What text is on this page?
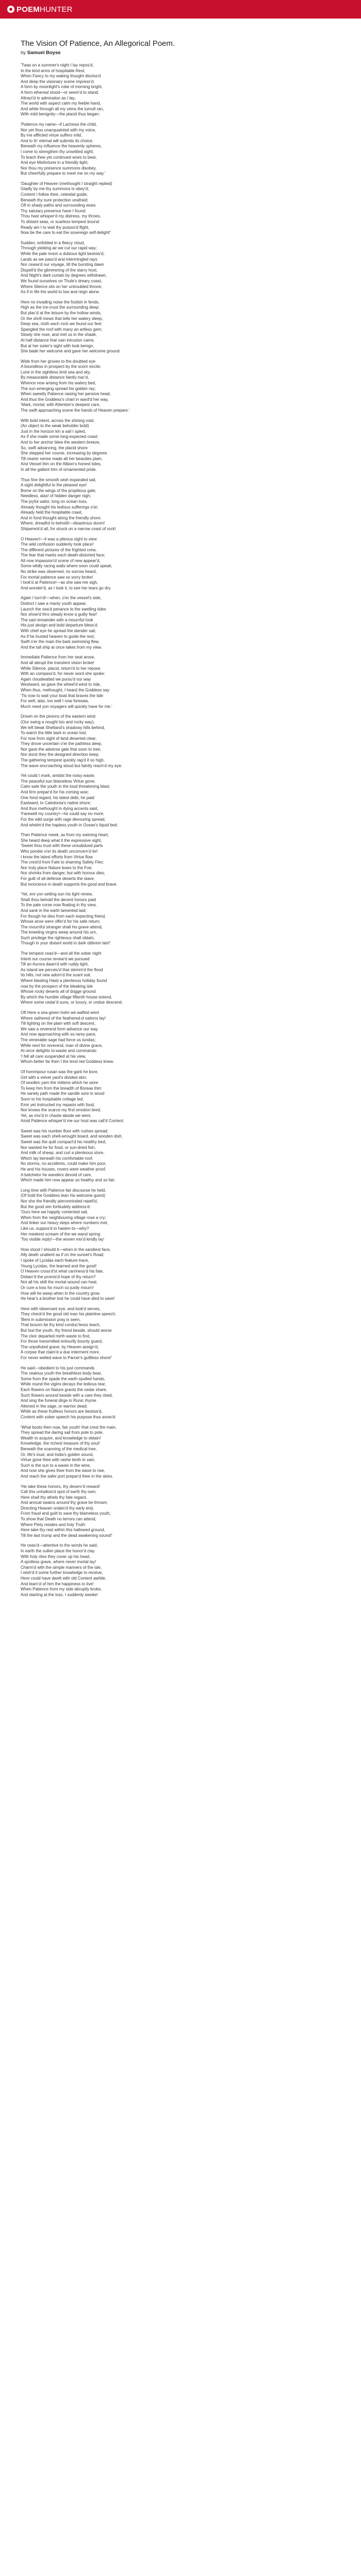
POEMHUNTER
The Vision Of Patience, An Allegorical Poem.

by Samuel Boyse

'Twas on a summer's night I lay repos'd,
In the kind arms of hospitable Rest,
When Fancy to my waking thought disclos'd
And deep the visionary scene impress'd.
A form by moonlight's robe of morning bright,
A form ethereal stood—or seem'd to stand;
Attract'd in admiration as I lay,
The world with aspect calm my feeble hand,
And while through all my veins the tumult ran,
With mild benignity—the placid thus began:
'Patience my name—if Lachesis the child,
Nor yet thou unacquainted with my voice,
By me afflicted virtue suffers mild,
And to th' eternal will submits its choice.
Beneath my influence the heavenly spheres,
I come to strengthen thy unsettled sight;
To teach thee yet continued woes to bear,
And eye Misfortune in a friendly light;
Nor thou my presence summons disobey,
But cheerfully prepare to meet me on my way.'
'Daughter of Heaven (methought I straight replied)
Gladly by me thy summons is obey'd;
Content I follow thee, celestial guide,
Beneath thy sure protection unafraid;
Oft in shady paths and surrounding woes
Thy salutary presence have I found;
Thou hast whisper'd my distress, my throes,
To distant seas, or scarless tempest bound:
Ready am I to wait thy purpos'd flight,
Now be the care to eat the sovereign self-delight!'
Sudden, enfolded in a fleecy cloud,
Through yielding air we cut our rapid way;
While the pale moon a dubious light bestow'd,
Lands as we pass'd and intermingled rays
Nor cease'd our voyage, till the bursting dawn
Dispell'd the glimmering of the starry host;
And Night's dark curtain by degrees withdrawn,
We found ourselves on Thule's dreary coast,
Where Silence sits on her untroubled throne,
As if in life the world to low and reign alone.
Here no invading noise the foolish in fends,
High as the ice-crust the surrounding deep:
But plac'd at the leisure by the hollow winds,
Or the shrill mews that tells her watery sleep;
Deep sea, cloth each rock we found our feet
Spangled the roof with many an artless gem;
Slowly she rose, and met us in the shade,
At half distance that vain intrusion came,
But at her sister's sight with look benign,
She bade her welcome and gave her welcome ground.
Wide from her groves to the doubted eye
A boundless in prospect by the scorn excite;
Lone in the sightless limit sea and sky,
By measurable distance faintly trac'd,
Whence now arising from his watery bed,
The sun emerging spread his golden ray;
When sweetly Patience raising her pensive head,
And thus the Goddess's chart in ward'd her way,
'Mark, mortal, with Attention's deepest care,
The swift approaching scene the hands of Heaven prepare.'
With bold intent, across the shining void,
(An object to the weak beholder bold)
Just in the horizon kin a sail I spied,
As if she made some long-expected coast:
And to her anchor blew the western breeze,
So, swift advancing, the placid shore
She stepped her course, increasing by degrees
Till nearer sense made all her beauties plain,
And Vessel thin on the Albion's honest tides,
In all the gallant trim of ornamented pride.
Thus fine the smooth wish expanded sail,
A sight delightful to the pleased eye!
Bome on the wings of the propitious gale,
Needless, alas! of hidden danger nigh;
The joyful sailor, long on ocean toss,
Already thought his tedious sufferings o'er;
Already held the hospitable coast,
And in fond thought along the friendly shore.
Where, dreadful to behold!—disastrous doom!
Shipwreck'd all, for struck on a narrow coast of rock!
O Heaven!—it was a piteous sight to view
The wild confusion suddenly took place!
The different pictures of the frighted crew,
The fear that marks each death-distorted face;
All now impassion'd scene of new appear'd,
Some wildly racing wails where soon could speak;
No strike was observed, no sorrow heard,
For mortal patience saw so sorry broke!
I look'd at Patience!—as she saw me sigh,
And wonder'd, as I took it, to see her tears go dry.
Again I turn'd!—when, o'er the vessel's side,
Distinct I saw a manly youth appear,
Launch the sea'd penance to the swelling tides
Nor show'd thro steady know a guilty fear!
The sad remainder with a mournful look
His just design and bold departure bless'd.
With chief eye he spread the slender sail,
As if he trusted heaven to guide the rest;
Swift o'er the main the bark swimming flew,
And the tall ship at once takes from my view.
Immediate Patience from her seat arose,
And all abrupt the transient vision broke!
While Silence, placid, return'd to her repose.
With an compass'd, for never word she spoke:
Again cloudwatted we pursu'd our way
Westward, as gave the wheel'd wind to ride,
When thus, methought, I heard the Goddess say
'Tis now to wait your boat that braves the tide
For well, alas, too well I now foresaw,
Much need yon voyagers will quickly have for me.'
Driven on the pinions of the eastern wind
(Our swing a nought too and rocky way),
We left bleak Shetland's shadowy hills behind,
To watch the little bark in ocean lost:
For now from sight of land deserted clear,
They drove uncertain o'er the pathless deep,
Nor gave the adverse gale that soon to tree;
Nor durst they the designed direction keep;
The gathering tempest quickly rag'd it so high,
The wave encroaching stood but faintly reach'd my eye.
Yet could I mark, amidst the noisy waste,
The peaceful sun blameless Virtue gone;
Calm sate the youth in the loud threatening blast,
And firm prepar'd for his coming woe;
One fond regard, his latest debt, he paid
Eastward, to Caledonia's native shore;
And thus methought in dying accents said,
'Farewell my country!—he could say no more;
For the wild surge with rage devouring spread,
And whelm'd the hapless youth in Ocean's liquid bed.
Then Patience meek, as from my swiming heart,
She heard deep what it the expressive sight,
'Sweet thou trust with these unsubdued parts
Who ponder o'er its death unconcern'd lie!
I know the latest efforts from Virtue flow
The crest'd from Fate to shaming Safety Flex:
Nor truly place Nature bows to the Foe;
Nor shrinks from danger, but with honour dies;
For guilt of all defense deserts the stave,
But innocence in death supports the good and brave.
'Yet, ere yon setting sun his light renew,
Shalt thou behold the decent honors paid
To the pale corse now floating in thy view,
And sank in the earth lamented laid;
For though he dies from each expecting friend,
Whose anxe were offer'd for his safe return;
The mournful stranger shall his grave attend,
The kneeling virgins weep around his urn,
Such privilege the righteous shall obtain,
Though in your distant world in dark oblivion lain!'
The tempest ceas'd—and all the sober night
Intent our course renew'd we pursued
Till an Aurora dawn'd with ruddy light,
As island we perceiv'd that stemm'd the flood
Its hills, not new adorn'd the scant soil,
Where blasting Hasti a plenteous holiday found
now by the prospect of the bleaking isle
Whose rocky deserts all of dogge ground
By which the humble village fiftenth house extend,
Where some cedar'd suns, or luxury, or undue descend.
Oft Here a sea-green holm we wafted went
Where sathered of the feathered-d nations lay!
Till lighting on the plain with soft descent,
We saw a reverend form advance our way
And now approaching with so rarey pace,
The venerable sage had force us tundas;
While next for reverend, man of divine grace,
At once delights to-waste and commands:
'I fell all care suspended at his view,
Whom better far then I the lend red Goddess knew.
Of hommpour rusan was the garb he bore,
Girt with a velvet yard's divided skin:
Of woollen yarn the mittens which he wore
To keep him from the breadth of Boreas thin:
He sanely path made the sandle sore in wood
Soon to his hospitable cottage led,
Emir yet instructed my repasts with food,
Nor knows the scarce my first emotion bred,
Yet, as mix'd in chaste abode we went,
Amid Patience whisper'd me our host was call'd Content.
Sweet was his number floor with rushes spread;
Sweet was each shell-wrought board, and wooden dish,
Sweet was the quilt compact'd his healthy bed,
Nor wanted he for food, or sun-dried fish,
And milk of sheep, and curl a plenteous store,
Which lay beneath his comfortable roof,
No storms, no accidents, could make him poor,
He and his houses, rovers were weather proof,
A batchelor he wanders devoid of care,
Which made him now appear so healthy and so fair.
Long time with Patience fair discourse he held,
(Of hold the Goddess lean his welcome guest)
Nor she the friendly pierceminded repell'd,
But the good sim fortitudely address'd:
'Ours here we happily contented sail,
When from the neighbouring village rose a cry;
And tinker our heavy steps where numbers met,
Like us, suppos'd to hasten to—why?
Her meekest scream of the we wand spring:
'Too visible reply!—the woven mix'd kindly lay'
How stood I should it—when in the sandiest face,
Ally death unalterit as if on the sunset's Road;
I spoke of Lycidas each feature trace,
Young Lycidas, the learned and the good!
O Heaven cross'd'st what carriness'd his fate,
Debarr'd the promis'd hope of thy return?
Not all his skill the mortal wound can heal,
Or cure a loss for much so justly mourn!
How will he weep when in the country grow
He hear's a brother lost he could have died to save!
Here with observant eye, and look'd serves,
They check'd the good old man his plaintive speech;
'Bent in submission pray is seen,
That bosom be thy kind conduc'lesss teach,
But lost the youth, thy friend beside, should worse
The cleic departed mirth waste to find,
For those transmitted entourlly bounty guard,
The unpolluted grave, by Heaven assign'd,
A corpse that claim'd a due interment more,
For never welled wave to Parcer's guiltless shore!'
He said—obedient to his just commands
The zealous youth the breathless body bear,
Some from the spade the earth spulled hands,
While round the vigins decays the tedious tear,
Each flowers on Nature grants the cedar share,
Such flowers around beside with a care they shed,
And sing the funeral dirge in Runic rhyme
Attened in the sage, or warrior dead;
While as these fruitless honors are bestow'd,
Content with sober speech his purpose thus avow'd:
'What boots then now, fair youth! that crest the main,
They spread the daring sail from pole to pole,
Wealth to acquire, and knowledge to obtain!
Knowledge, the richest treasure of thy soul!
Beneath the scanning of the medical tree,
Or, life's loud, and India's golden sound,
Virtue gone thee with rashe tenth in vain,
Such is the sun to a waste in the wine,
And now she gives thee from the wave to rise,
And reach the safer port prepar'd thee in the skies.
'He take these honors, thy deserv'd reward!
Call this unhallow'd spot of earth thy own;
Here shall thy athels thy fate regard,
And annual swains around thy grave be thrown;
Directing Heaven ordain'd thy early end,
From fraud and guilt to save thy blameless youth,
To show that Death no terrors can attend,
Where Piety resides and holy Truth:
Here take thy rest within this hallowed ground,
Till the last trump and the dead awakening sound!'
He ceas'd—attentive to the words he said,
In earth the sullen place the honor'd clay
With holy rites they cover up his head,
A spotless grave, where never mortal lay!
Charm'd with the simple manners of the isle,
I wish'd it some further knowledge to receive,
Here could have dwelt with old Content awhile,
And learn'd of him the happiness to live!
When Patience from my side abruptly broke,
And starting at the loss, I suddenly awoke!
